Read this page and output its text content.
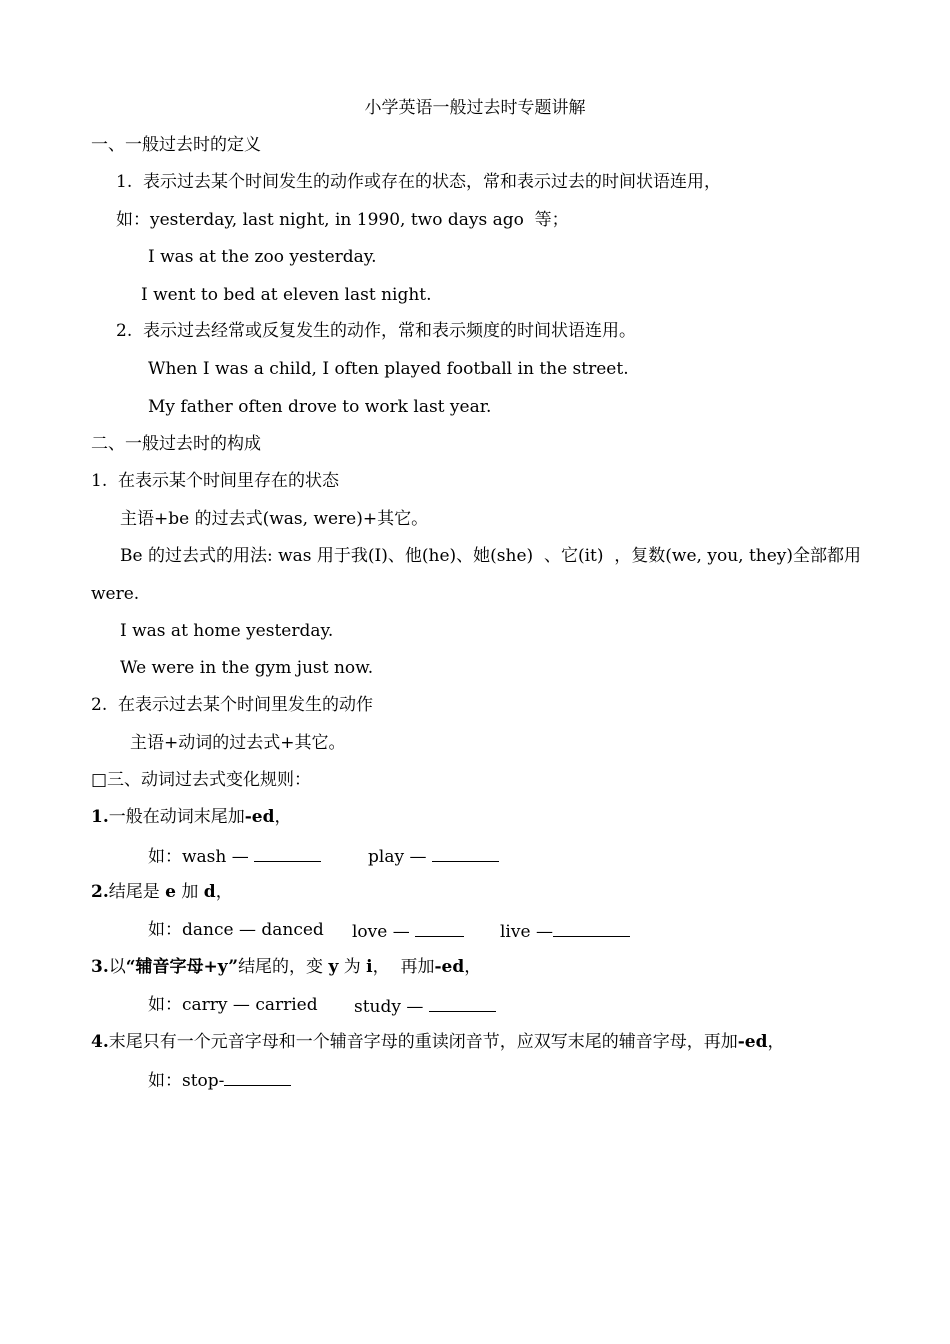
小学英语一般过去时专题讲解
一、一般过去时的定义
1.  表示过去某个时间发生的动作或存在的状态，常和表示过去的时间状语连用，
如：yesterday, last night, in 1990, two days ago  等；
I was at the zoo yesterday.
I went to bed at eleven last night.
2.  表示过去经常或反复发生的动作，常和表示频度的时间状语连用。
When I was a child, I often played football in the street.
My father often drove to work last year.
二、一般过去时的构成
1.  在表示某个时间里存在的状态
主语+be 的过去式(was, were)+其它。
Be 的过去式的用法: was 用于我(I)、他(he)、她(she)  、它(it)  ，复数(we, you, they)全部都用
were.
I was at home yesterday.
We were in the gym just now.
2.  在表示过去某个时间里发生的动作
主语+动词的过去式+其它。
□三、动词过去式变化规则：
1.一般在动词末尾加-ed，
如：wash —	play —
2.结尾是 e 加 d，
如：dance — danced love —	live —
3.以“辅音字母+y”结尾的，变 y 为 i，  再加-ed，
如：carry — carried study —
4.末尾只有一个元音字母和一个辅音字母的重读闭音节，应双写末尾的辅音字母，再加-ed，
如：stop-
